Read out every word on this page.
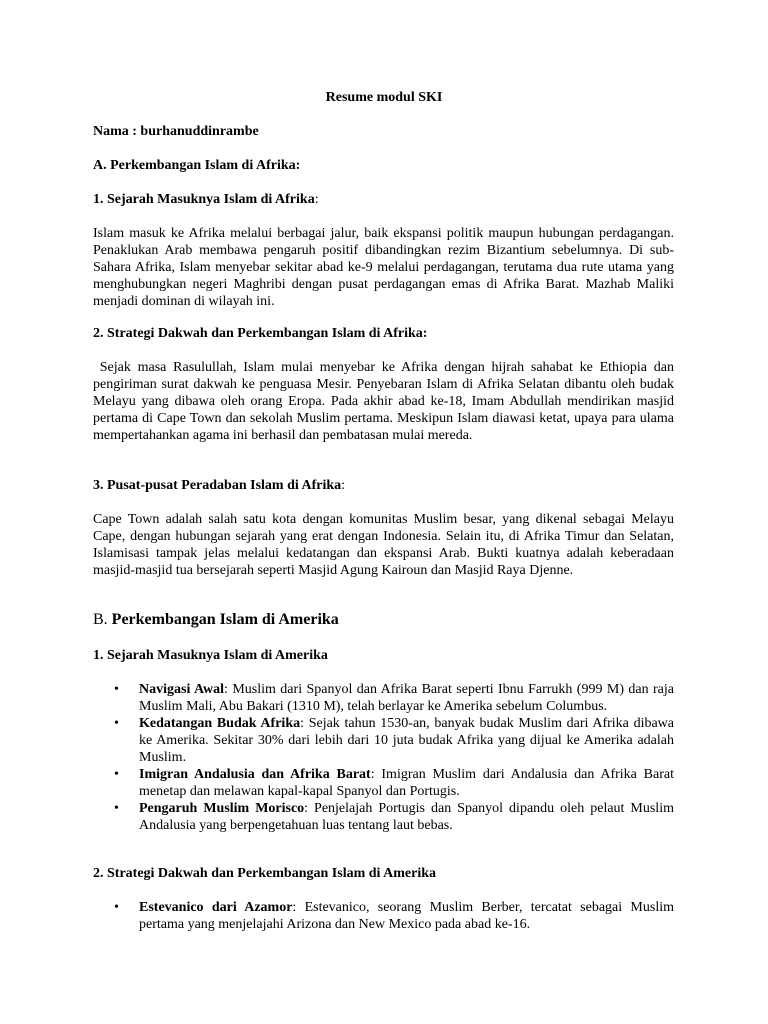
Resume modul SKI

Nama : burhanuddinrambe

A. Perkembangan Islam di Afrika:

1. Sejarah Masuknya Islam di Afrika:

Islam masuk ke Afrika melalui berbagai jalur, baik ekspansi politik maupun hubungan perdagangan. Penaklukan Arab membawa pengaruh positif dibandingkan rezim Bizantium sebelumnya. Di sub-Sahara Afrika, Islam menyebar sekitar abad ke-9 melalui perdagangan, terutama dua rute utama yang menghubungkan negeri Maghribi dengan pusat perdagangan emas di Afrika Barat. Mazhab Maliki menjadi dominan di wilayah ini.

2. Strategi Dakwah dan Perkembangan Islam di Afrika:

Sejak masa Rasulullah, Islam mulai menyebar ke Afrika dengan hijrah sahabat ke Ethiopia dan pengiriman surat dakwah ke penguasa Mesir. Penyebaran Islam di Afrika Selatan dibantu oleh budak Melayu yang dibawa oleh orang Eropa. Pada akhir abad ke-18, Imam Abdullah mendirikan masjid pertama di Cape Town dan sekolah Muslim pertama. Meskipun Islam diawasi ketat, upaya para ulama mempertahankan agama ini berhasil dan pembatasan mulai mereda.

3. Pusat-pusat Peradaban Islam di Afrika:

Cape Town adalah salah satu kota dengan komunitas Muslim besar, yang dikenal sebagai Melayu Cape, dengan hubungan sejarah yang erat dengan Indonesia. Selain itu, di Afrika Timur dan Selatan, Islamisasi tampak jelas melalui kedatangan dan ekspansi Arab. Bukti kuatnya adalah keberadaan masjid-masjid tua bersejarah seperti Masjid Agung Kairoun dan Masjid Raya Djenne.

B. Perkembangan Islam di Amerika

1. Sejarah Masuknya Islam di Amerika

• Navigasi Awal: Muslim dari Spanyol dan Afrika Barat seperti Ibnu Farrukh (999 M) dan raja Muslim Mali, Abu Bakari (1310 M), telah berlayar ke Amerika sebelum Columbus.
• Kedatangan Budak Afrika: Sejak tahun 1530-an, banyak budak Muslim dari Afrika dibawa ke Amerika. Sekitar 30% dari lebih dari 10 juta budak Afrika yang dijual ke Amerika adalah Muslim.
• Imigran Andalusia dan Afrika Barat: Imigran Muslim dari Andalusia dan Afrika Barat menetap dan melawan kapal-kapal Spanyol dan Portugis.
• Pengaruh Muslim Morisco: Penjelajah Portugis dan Spanyol dipandu oleh pelaut Muslim Andalusia yang berpengetahuan luas tentang laut bebas.

2. Strategi Dakwah dan Perkembangan Islam di Amerika

• Estevanico dari Azamor: Estevanico, seorang Muslim Berber, tercatat sebagai Muslim pertama yang menjelajahi Arizona dan New Mexico pada abad ke-16.
